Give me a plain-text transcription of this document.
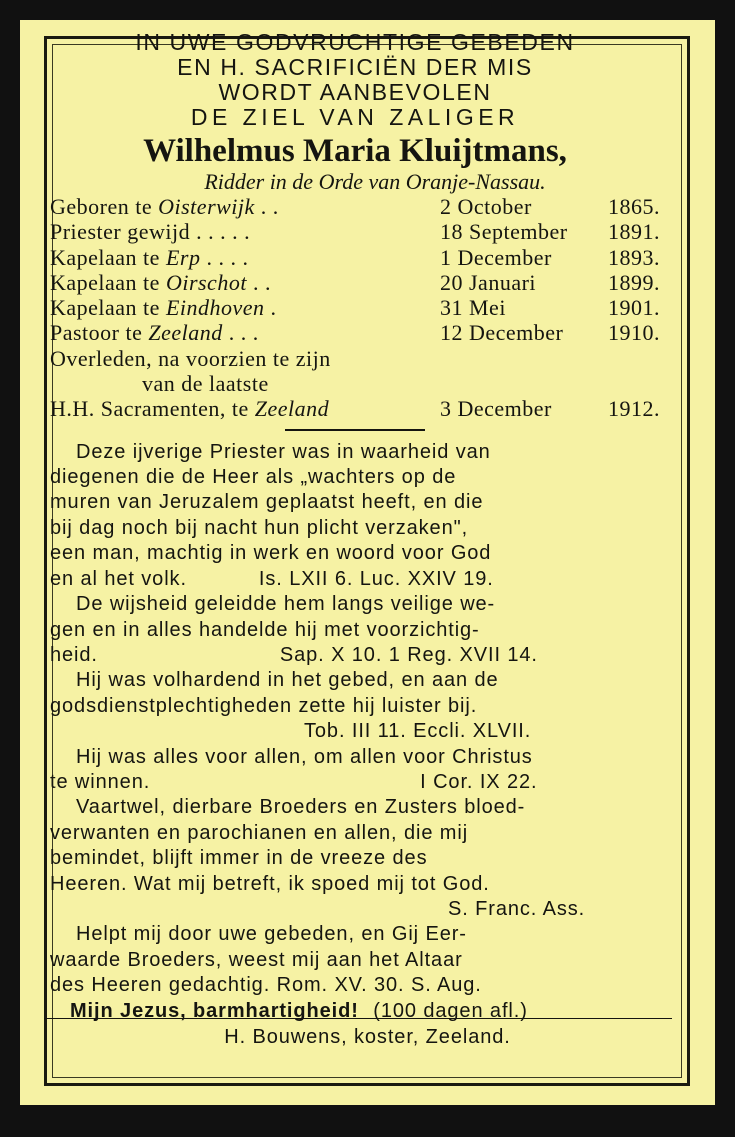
IN UWE GODVRUCHTIGE GEBEDEN
EN H. SACRIFICIËN DER MIS
WORDT AANBEVOLEN
DE ZIEL VAN ZALIGER
Wilhelmus Maria Kluijtmans,
Ridder in de Orde van Oranje-Nassau.
Geboren te Oisterwijk . .	2 October	1865.
Priester gewijd . . . . .	18 September	1891.
Kapelaan te Erp . . . .	1 December	1893.
Kapelaan te Oirschot . .	20 Januari	1899.
Kapelaan te Eindhoven .	31 Mei	1901.
Pastoor te Zeeland . . .	12 December	1910.
Overleden, na voorzien te zijn
van de laatste
H.H. Sacramenten, te Zeeland	3 December	1912.
Deze ijverige Priester was in waarheid van
diegenen die de Heer als „wachters op de
muren van Jeruzalem geplaatst heeft, en die
bij dag noch bij nacht hun plicht verzaken",
een man, machtig in werk en woord voor God
en al het volk.	Is. LXII 6. Luc. XXIV 19.
De wijsheid geleidde hem langs veilige we-
gen en in alles handelde hij met voorzichtig-
heid.	Sap. X 10. 1 Reg. XVII 14.
Hij was volhardend in het gebed, en aan de
godsdienstplechtigheden zette hij luister bij.
Tob. III 11. Eccli. XLVII.
Hij was alles voor allen, om allen voor Christus
te winnen.	I Cor. IX 22.
Vaartwel, dierbare Broeders en Zusters bloed-
verwanten en parochianen en allen, die mij
bemindet, blijft immer in de vreeze des
Heeren. Wat mij betreft, ik spoed mij tot God.
S. Franc. Ass.
Helpt mij door uwe gebeden, en Gij Eer-
waarde Broeders, weest mij aan het Altaar
des Heeren gedachtig. Rom. XV. 30. S. Aug.
Mijn Jezus, barmhartigheid! (100 dagen afl.)
H. Bouwens, koster, Zeeland.
